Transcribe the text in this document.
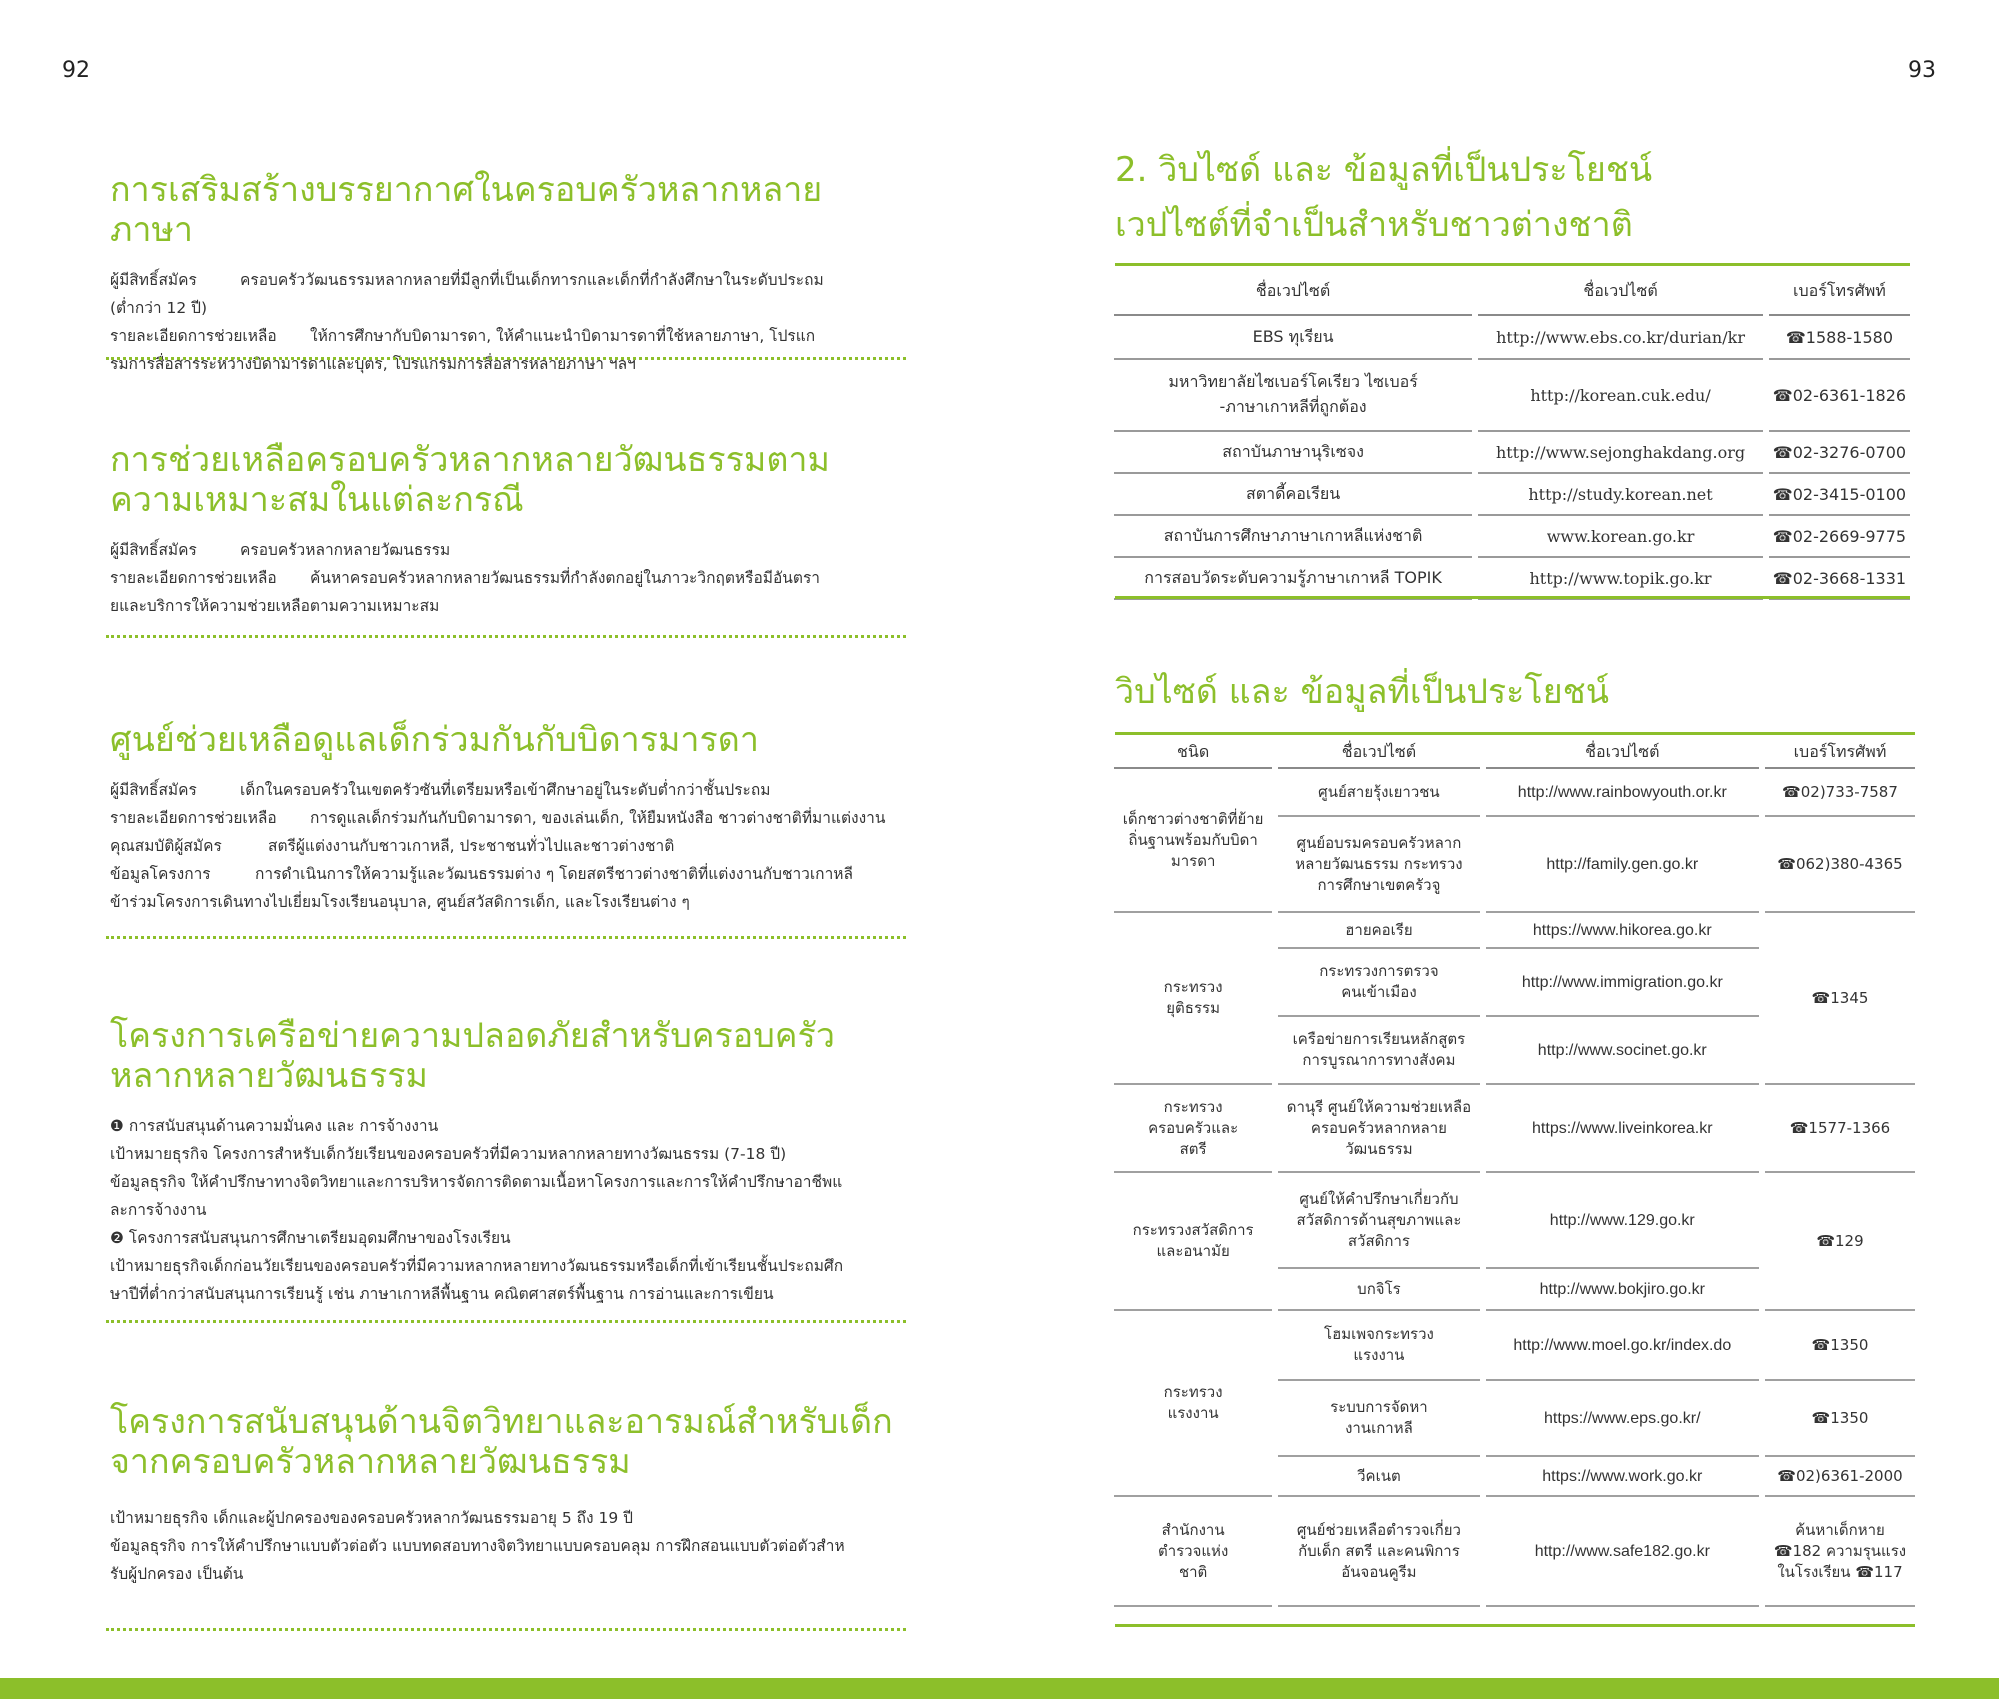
92	93
การเสริมสร้างบรรยากาศในครอบครัวหลากหลายภาษา
ผู้มีสิทธิ์สมัคร	ครอบครัววัฒนธรรมหลากหลายที่มีลูกที่เป็นเด็กทารกและเด็กที่กำลังศึกษาในระดับประถม
(ต่ำกว่า 12 ปี)
รายละเอียดการช่วยเหลือ	ให้การศึกษากับบิดามารดา, ให้คำแนะนำบิดามารดาที่ใช้หลายภาษา, โปรแก
รมการสื่อสารระหว่างบิดามารดาและบุตร, โปรแกรมการสื่อสารหลายภาษา ฯลฯ
การช่วยเหลือครอบครัวหลากหลายวัฒนธรรมตามความเหมาะสมในแต่ละกรณี
ผู้มีสิทธิ์สมัคร	ครอบครัวหลากหลายวัฒนธรรม
รายละเอียดการช่วยเหลือ	ค้นหาครอบครัวหลากหลายวัฒนธรรมที่กำลังตกอยู่ในภาวะวิกฤตหรือมีอันตรา
ยและบริการให้ความช่วยเหลือตามความเหมาะสม
ศูนย์ช่วยเหลือดูแลเด็กร่วมกันกับบิดารมารดา
ผู้มีสิทธิ์สมัคร	เด็กในครอบครัวในเขตครัวซันที่เตรียมหรือเข้าศึกษาอยู่ในระดับต่ำกว่าชั้นประถม
รายละเอียดการช่วยเหลือ	การดูแลเด็กร่วมกันกับบิดามารดา, ของเล่นเด็ก, ให้ยืมหนังสือ ชาวต่างชาติที่มาแต่งงาน
คุณสมบัติผู้สมัคร	สตรีผู้แต่งงานกับชาวเกาหลี, ประชาชนทั่วไปและชาวต่างชาติ
ข้อมูลโครงการ	การดำเนินการให้ความรู้และวัฒนธรรมต่าง ๆ โดยสตรีชาวต่างชาติที่แต่งงานกับชาวเกาหลี
ข้าร่วมโครงการเดินทางไปเยี่ยมโรงเรียนอนุบาล, ศูนย์สวัสดิการเด็ก, และโรงเรียนต่าง ๆ
โครงการเครือข่ายความปลอดภัยสำหรับครอบครัวหลากหลายวัฒนธรรม
❶ การสนับสนุนด้านความมั่นคง และ การจ้างงาน
เป้าหมายธุรกิจ โครงการสำหรับเด็กวัยเรียนของครอบครัวที่มีความหลากหลายทางวัฒนธรรม (7-18 ปี)
ข้อมูลธุรกิจ ให้คำปรึกษาทางจิตวิทยาและการบริหารจัดการติดตามเนื้อหาโครงการและการให้คำปรึกษาอาชีพแ
ละการจ้างงาน
❷ โครงการสนับสนุนการศึกษาเตรียมอุดมศึกษาของโรงเรียน
เป้าหมายธุรกิจเด็กก่อนวัยเรียนของครอบครัวที่มีความหลากหลายทางวัฒนธรรมหรือเด็กที่เข้าเรียนชั้นประถมศึก
ษาปีที่ต่ำกว่าสนับสนุนการเรียนรู้ เช่น ภาษาเกาหลีพื้นฐาน คณิตศาสตร์พื้นฐาน การอ่านและการเขียน
โครงการสนับสนุนด้านจิตวิทยาและอารมณ์สำหรับเด็กจากครอบครัวหลากหลายวัฒนธรรม
เป้าหมายธุรกิจ เด็กและผู้ปกครองของครอบครัวหลากวัฒนธรรมอายุ 5 ถึง 19 ปี
ข้อมูลธุรกิจ การให้คำปรึกษาแบบตัวต่อตัว แบบทดสอบทางจิตวิทยาแบบครอบคลุม การฝึกสอนแบบตัวต่อตัวสำห
รับผู้ปกครอง เป็นต้น
2. วิบไซด์ และ ข้อมูลที่เป็นประโยชน์
เวปไซต์ที่จำเป็นสำหรับชาวต่างชาติ
ชื่อเวปไซต์	ชื่อเวปไซต์	เบอร์โทรศัพท์
EBS ทุเรียน	http://www.ebs.co.kr/durian/kr	☎1588-1580
มหาวิทยาลัยไซเบอร์โคเรียว ไซเบอร์ -ภาษาเกาหลีที่ถูกต้อง	http://korean.cuk.edu/	☎02-6361-1826
สถาบันภาษานุริเซจง	http://www.sejonghakdang.org	☎02-3276-0700
สตาดี้คอเรียน	http://study.korean.net	☎02-3415-0100
สถาบันการศึกษาภาษาเกาหลีแห่งชาติ	www.korean.go.kr	☎02-2669-9775
การสอบวัดระดับความรู้ภาษาเกาหลี TOPIK	http://www.topik.go.kr	☎02-3668-1331
วิบไซด์ และ ข้อมูลที่เป็นประโยชน์
ชนิด	ชื่อเวปไซต์	ชื่อเวปไซต์	เบอร์โทรศัพท์
เด็กชาวต่างชาติที่ย้ายถิ่นฐานพร้อมกับบิดามารดา	ศูนย์สายรุ้งเยาวชน	http://www.rainbowyouth.or.kr	☎02)733-7587
	ศูนย์อบรมครอบครัวหลากหลายวัฒนธรรม กระทรวงการศึกษาเขตครัวจู	http://family.gen.go.kr	☎062)380-4365
กระทรวงยุติธรรม	ฮายคอเรีย	https://www.hikorea.go.kr	☎1345
	กระทรวงการตรวจคนเข้าเมือง	http://www.immigration.go.kr	
	เครือข่ายการเรียนหลักสูตรการบูรณาการทางสังคม	http://www.socinet.go.kr	
กระทรวงครอบครัวและสตรี	ดานุรี ศูนย์ให้ความช่วยเหลือครอบครัวหลากหลายวัฒนธรรม	https://www.liveinkorea.kr	☎1577-1366
กระทรวงสวัสดิการและอนามัย	ศูนย์ให้คำปรึกษาเกี่ยวกับสวัสดิการด้านสุขภาพและสวัสดิการ	http://www.129.go.kr	☎129
	บกจิโร	http://www.bokjiro.go.kr	
กระทรวงแรงงาน	โฮมเพจกระทรวงแรงงาน	http://www.moel.go.kr/index.do	☎1350
	ระบบการจัดหางานเกาหลี	https://www.eps.go.kr/	☎1350
	วีคเนต	https://www.work.go.kr	☎02)6361-2000
สำนักงานตำรวจแห่งชาติ	ศูนย์ช่วยเหลือตำรวจเกี่ยวกับเด็ก สตรี และคนพิการอันจอนคูรีม	http://www.safe182.go.kr	ค้นหาเด็กหาย ☎182 ความรุนแรงในโรงเรียน ☎117
